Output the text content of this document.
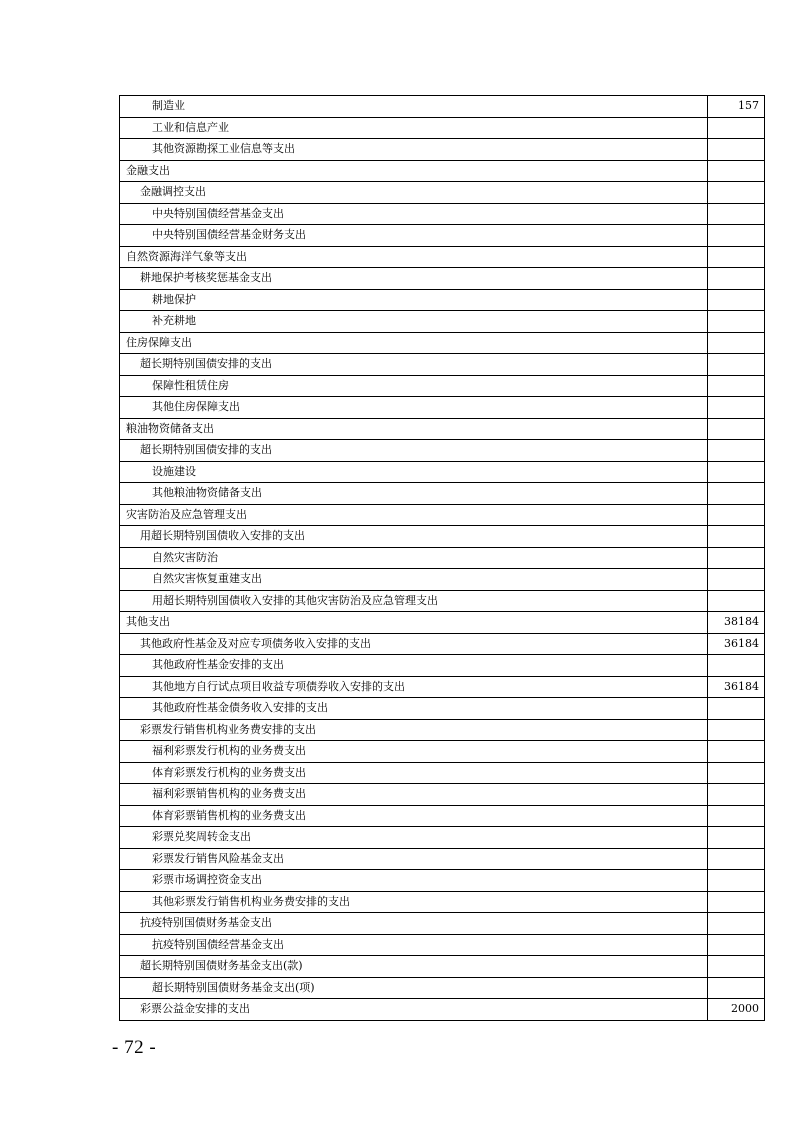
制造业	157
工业和信息产业	
其他资源勘探工业信息等支出	
金融支出	
金融调控支出	
中央特别国债经营基金支出	
中央特别国债经营基金财务支出	
自然资源海洋气象等支出	
耕地保护考核奖惩基金支出	
耕地保护	
补充耕地	
住房保障支出	
超长期特别国债安排的支出	
保障性租赁住房	
其他住房保障支出	
粮油物资储备支出	
超长期特别国债安排的支出	
设施建设	
其他粮油物资储备支出	
灾害防治及应急管理支出	
用超长期特别国债收入安排的支出	
自然灾害防治	
自然灾害恢复重建支出	
用超长期特别国债收入安排的其他灾害防治及应急管理支出	
其他支出	38184
其他政府性基金及对应专项债务收入安排的支出	36184
其他政府性基金安排的支出	
其他地方自行试点项目收益专项债券收入安排的支出	36184
其他政府性基金债务收入安排的支出	
彩票发行销售机构业务费安排的支出	
福利彩票发行机构的业务费支出	
体育彩票发行机构的业务费支出	
福利彩票销售机构的业务费支出	
体育彩票销售机构的业务费支出	
彩票兑奖周转金支出	
彩票发行销售风险基金支出	
彩票市场调控资金支出	
其他彩票发行销售机构业务费安排的支出	
抗疫特别国债财务基金支出	
抗疫特别国债经营基金支出	
超长期特别国债财务基金支出(款)	
超长期特别国债财务基金支出(项)	
彩票公益金安排的支出	2000
- 72 -
